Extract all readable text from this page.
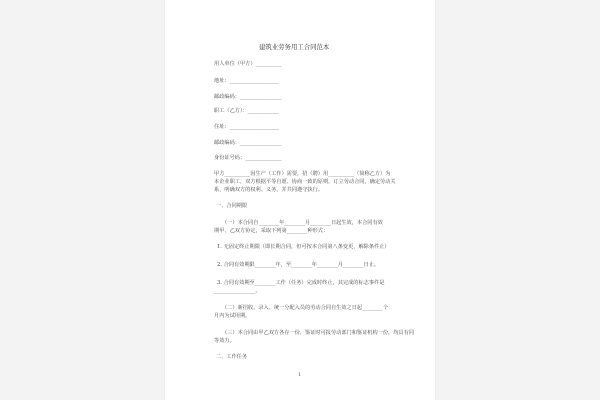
建筑业劳务用工合同范本
用人单位（甲方）__________
地址：___________________
邮政编码：________________
职工（乙方）：____________
住址：___________________
邮政编码：________________
身份证号码：______________
甲方__________因生产（工作）需要，招（聘）用__________（简称乙方）为
本企业职工，双方根据平等自愿、协商一致的原则，订立劳动合同，确定劳动关
系，明确双方的权利、义务，并共同遵守执行。
一、合同期限
（一）本合同自________年________月________日起生效，本合同有效
期甲、乙双方协定，采取下列第________种形式：
1. 无固定终止期限（即长期合同，但可按本合同第八条变更、解除条件止）
2. 合同有效期限________年，至________年________月________日止。
3. 合同有效期至________工作（任务）完成时终止，其完成的标志事件是
________________。
（二）新招收、录入、统一分配入员的劳动合同自生效之日起________个
月内为试用期。
（三）本合同由甲乙双方各存一份，鉴证时可报劳动部门和鉴证机构一份，均具有同
等效力。
二、工作任务
1
